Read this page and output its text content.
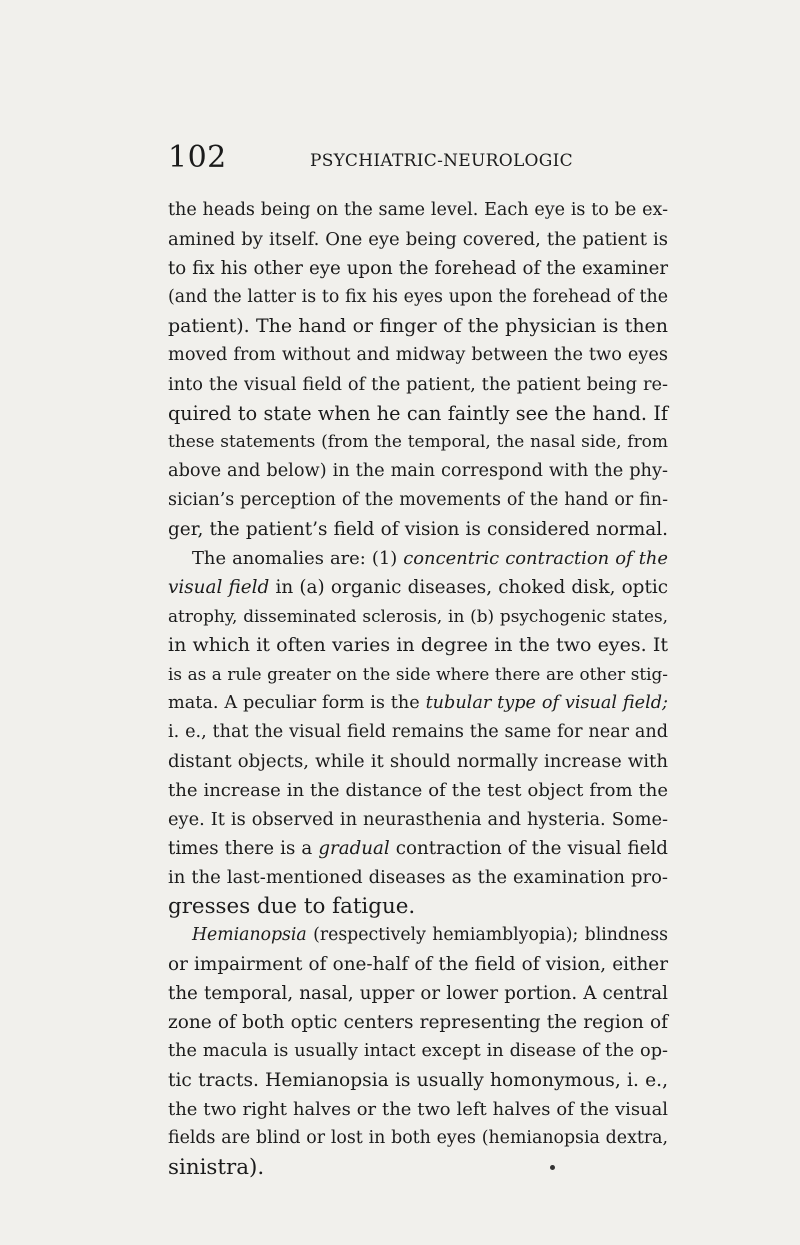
102	PSYCHIATRIC-NEUROLOGIC
the heads being on the same level. Each eye is to be ex-
amined by itself. One eye being covered, the patient is
to fix his other eye upon the forehead of the examiner
(and the latter is to fix his eyes upon the forehead of the
patient). The hand or finger of the physician is then
moved from without and midway between the two eyes
into the visual field of the patient, the patient being re-
quired to state when he can faintly see the hand. If
these statements (from the temporal, the nasal side, from
above and below) in the main correspond with the phy-
sician’s perception of the movements of the hand or fin-
ger, the patient’s field of vision is considered normal.
The anomalies are: (1) concentric contraction of the
visual field in (a) organic diseases, choked disk, optic
atrophy, disseminated sclerosis, in (b) psychogenic states,
in which it often varies in degree in the two eyes. It
is as a rule greater on the side where there are other stig-
mata. A peculiar form is the tubular type of visual field;
i. e., that the visual field remains the same for near and
distant objects, while it should normally increase with
the increase in the distance of the test object from the
eye. It is observed in neurasthenia and hysteria. Some-
times there is a gradual contraction of the visual field
in the last-mentioned diseases as the examination pro-
gresses due to fatigue.
Hemianopsia (respectively hemiamblyopia); blindness
or impairment of one-half of the field of vision, either
the temporal, nasal, upper or lower portion. A central
zone of both optic centers representing the region of
the macula is usually intact except in disease of the op-
tic tracts. Hemianopsia is usually homonymous, i. e.,
the two right halves or the two left halves of the visual
fields are blind or lost in both eyes (hemianopsia dextra,
sinistra).
